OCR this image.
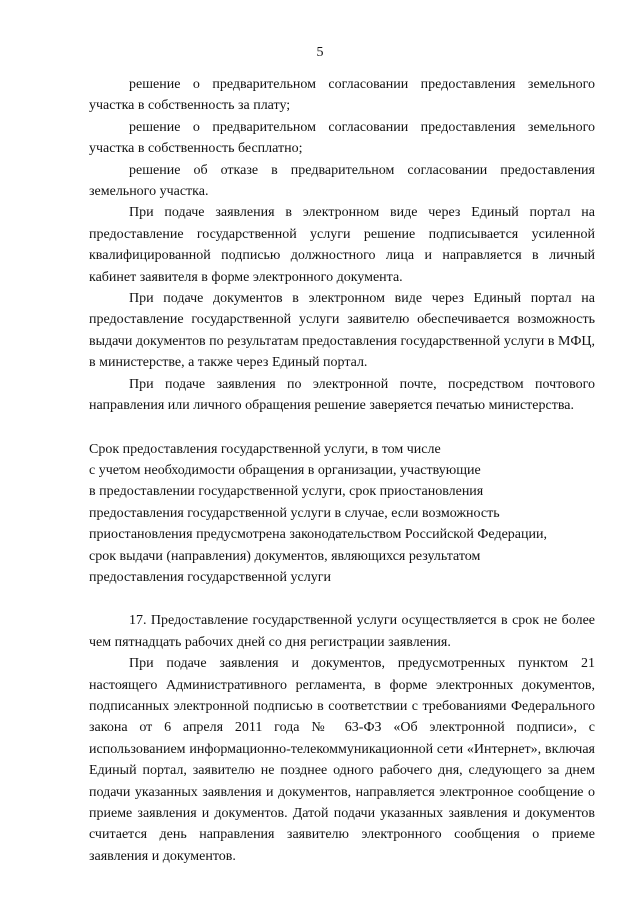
5

решение о предварительном согласовании предоставления земельного участка в собственность за плату;

решение о предварительном согласовании предоставления земельного участка в собственность бесплатно;

решение об отказе в предварительном согласовании предоставления земельного участка.

При подаче заявления в электронном виде через Единый портал на предоставление государственной услуги решение подписывается усиленной квалифицированной подписью должностного лица и направляется в личный кабинет заявителя в форме электронного документа.

При подаче документов в электронном виде через Единый портал на предоставление государственной услуги заявителю обеспечивается возможность выдачи документов по результатам предоставления государственной услуги в МФЦ, в министерстве, а также через Единый портал.

При подаче заявления по электронной почте, посредством почтового направления или личного обращения решение заверяется печатью министерства.

Срок предоставления государственной услуги, в том числе
с учетом необходимости обращения в организации, участвующие
в предоставлении государственной услуги, срок приостановления
предоставления государственной услуги в случае, если возможность
приостановления предусмотрена законодательством Российской Федерации,
срок выдачи (направления) документов, являющихся результатом
предоставления государственной услуги

17. Предоставление государственной услуги осуществляется в срок не более чем пятнадцать рабочих дней со дня регистрации заявления.

При подаче заявления и документов, предусмотренных пунктом 21 настоящего Административного регламента, в форме электронных документов, подписанных электронной подписью в соответствии с требованиями Федерального закона от 6 апреля 2011 года № 63-ФЗ «Об электронной подписи», с использованием информационно-телекоммуникационной сети «Интернет», включая Единый портал, заявителю не позднее одного рабочего дня, следующего за днем подачи указанных заявления и документов, направляется электронное сообщение о приеме заявления и документов. Датой подачи указанных заявления и документов считается день направления заявителю электронного сообщения о приеме заявления и документов.
